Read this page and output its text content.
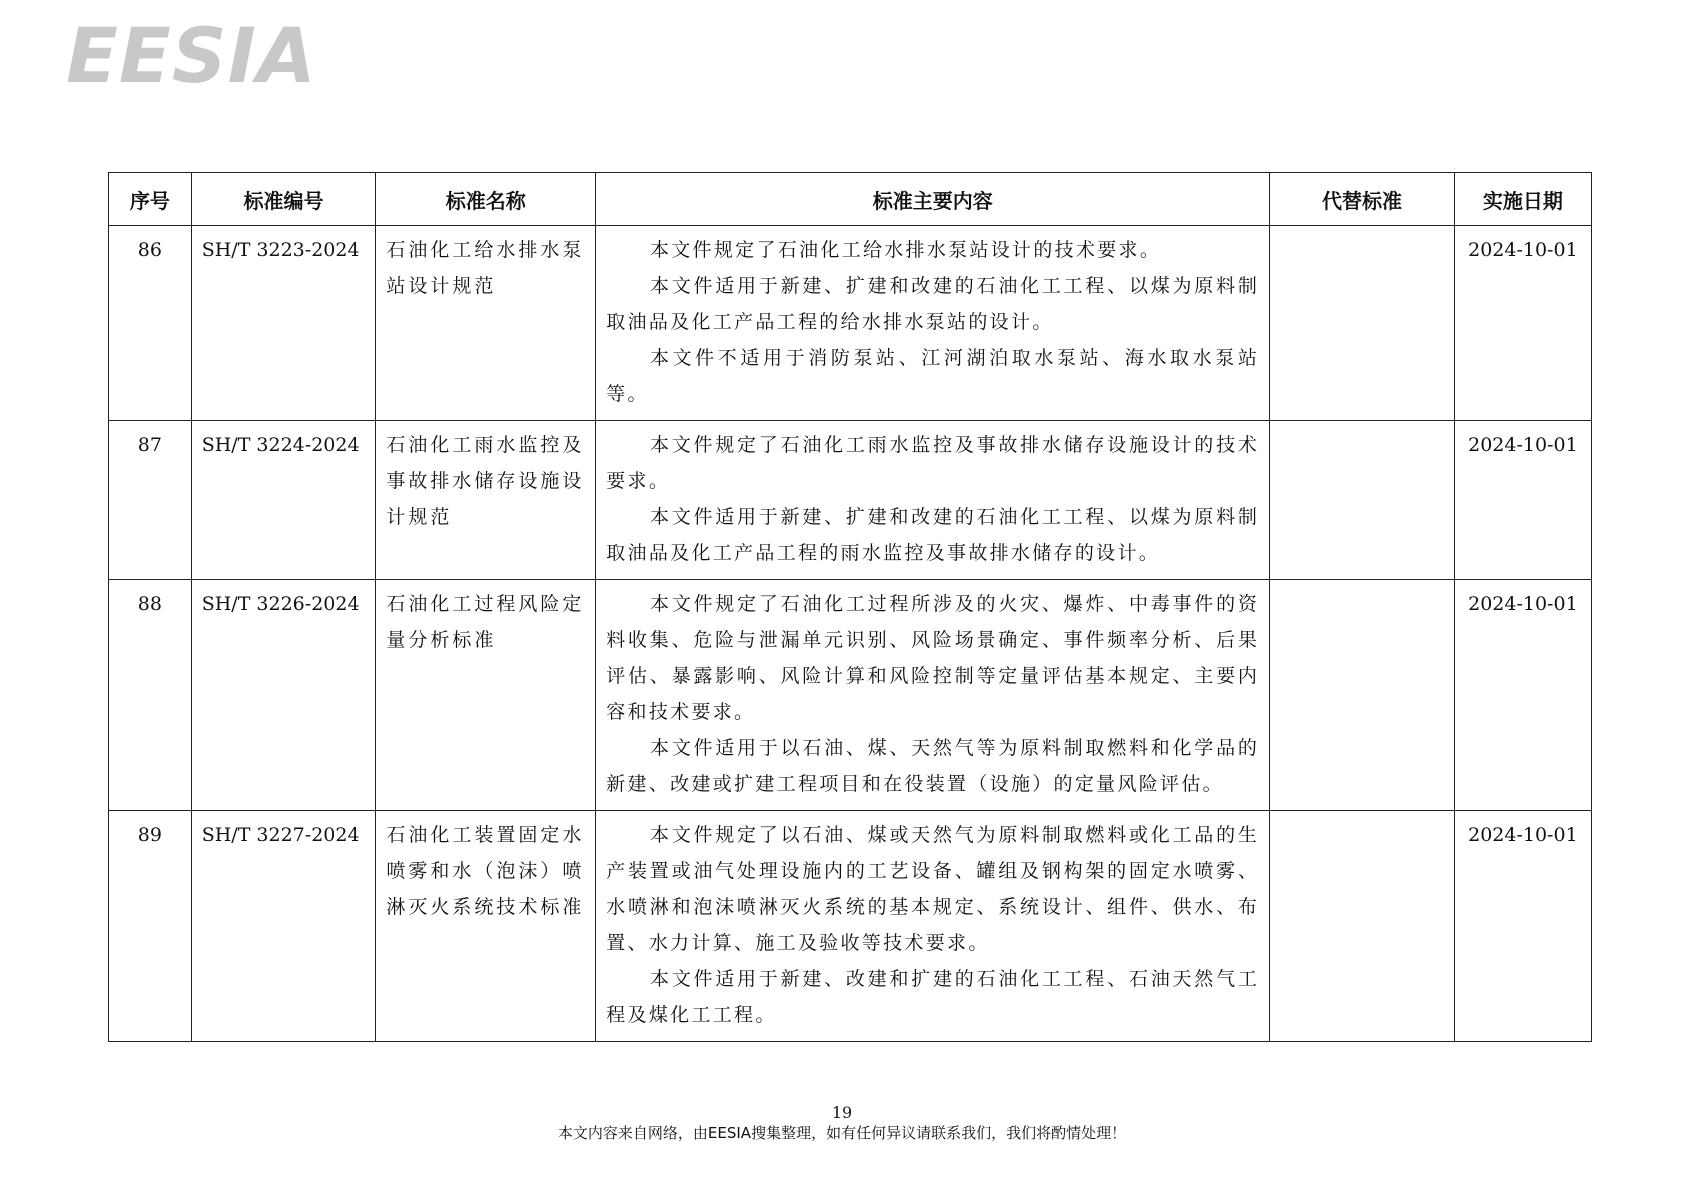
EESIA
序号	标准编号	标准名称	标准主要内容	代替标准	实施日期
86	SH/T 3223-2024	石油化工给水排水泵站设计规范	本文件规定了石油化工给水排水泵站设计的技术要求。

本文件适用于新建、扩建和改建的石油化工工程、以煤为原料制取油品及化工产品工程的给水排水泵站的设计。

本文件不适用于消防泵站、江河湖泊取水泵站、海水取水泵站等。		2024-10-01
87	SH/T 3224-2024	石油化工雨水监控及事故排水储存设施设计规范	本文件规定了石油化工雨水监控及事故排水储存设施设计的技术要求。

本文件适用于新建、扩建和改建的石油化工工程、以煤为原料制取油品及化工产品工程的雨水监控及事故排水储存的设计。		2024-10-01
88	SH/T 3226-2024	石油化工过程风险定量分析标准	本文件规定了石油化工过程所涉及的火灾、爆炸、中毒事件的资料收集、危险与泄漏单元识别、风险场景确定、事件频率分析、后果评估、暴露影响、风险计算和风险控制等定量评估基本规定、主要内容和技术要求。

本文件适用于以石油、煤、天然气等为原料制取燃料和化学品的新建、改建或扩建工程项目和在役装置（设施）的定量风险评估。		2024-10-01
89	SH/T 3227-2024	石油化工装置固定水喷雾和水（泡沫）喷淋灭火系统技术标准	本文件规定了以石油、煤或天然气为原料制取燃料或化工品的生产装置或油气处理设施内的工艺设备、罐组及钢构架的固定水喷雾、水喷淋和泡沫喷淋灭火系统的基本规定、系统设计、组件、供水、布置、水力计算、施工及验收等技术要求。

本文件适用于新建、改建和扩建的石油化工工程、石油天然气工程及煤化工工程。		2024-10-01
19
本文内容来自网络，由EESIA搜集整理，如有任何异议请联系我们，我们将酌情处理！
